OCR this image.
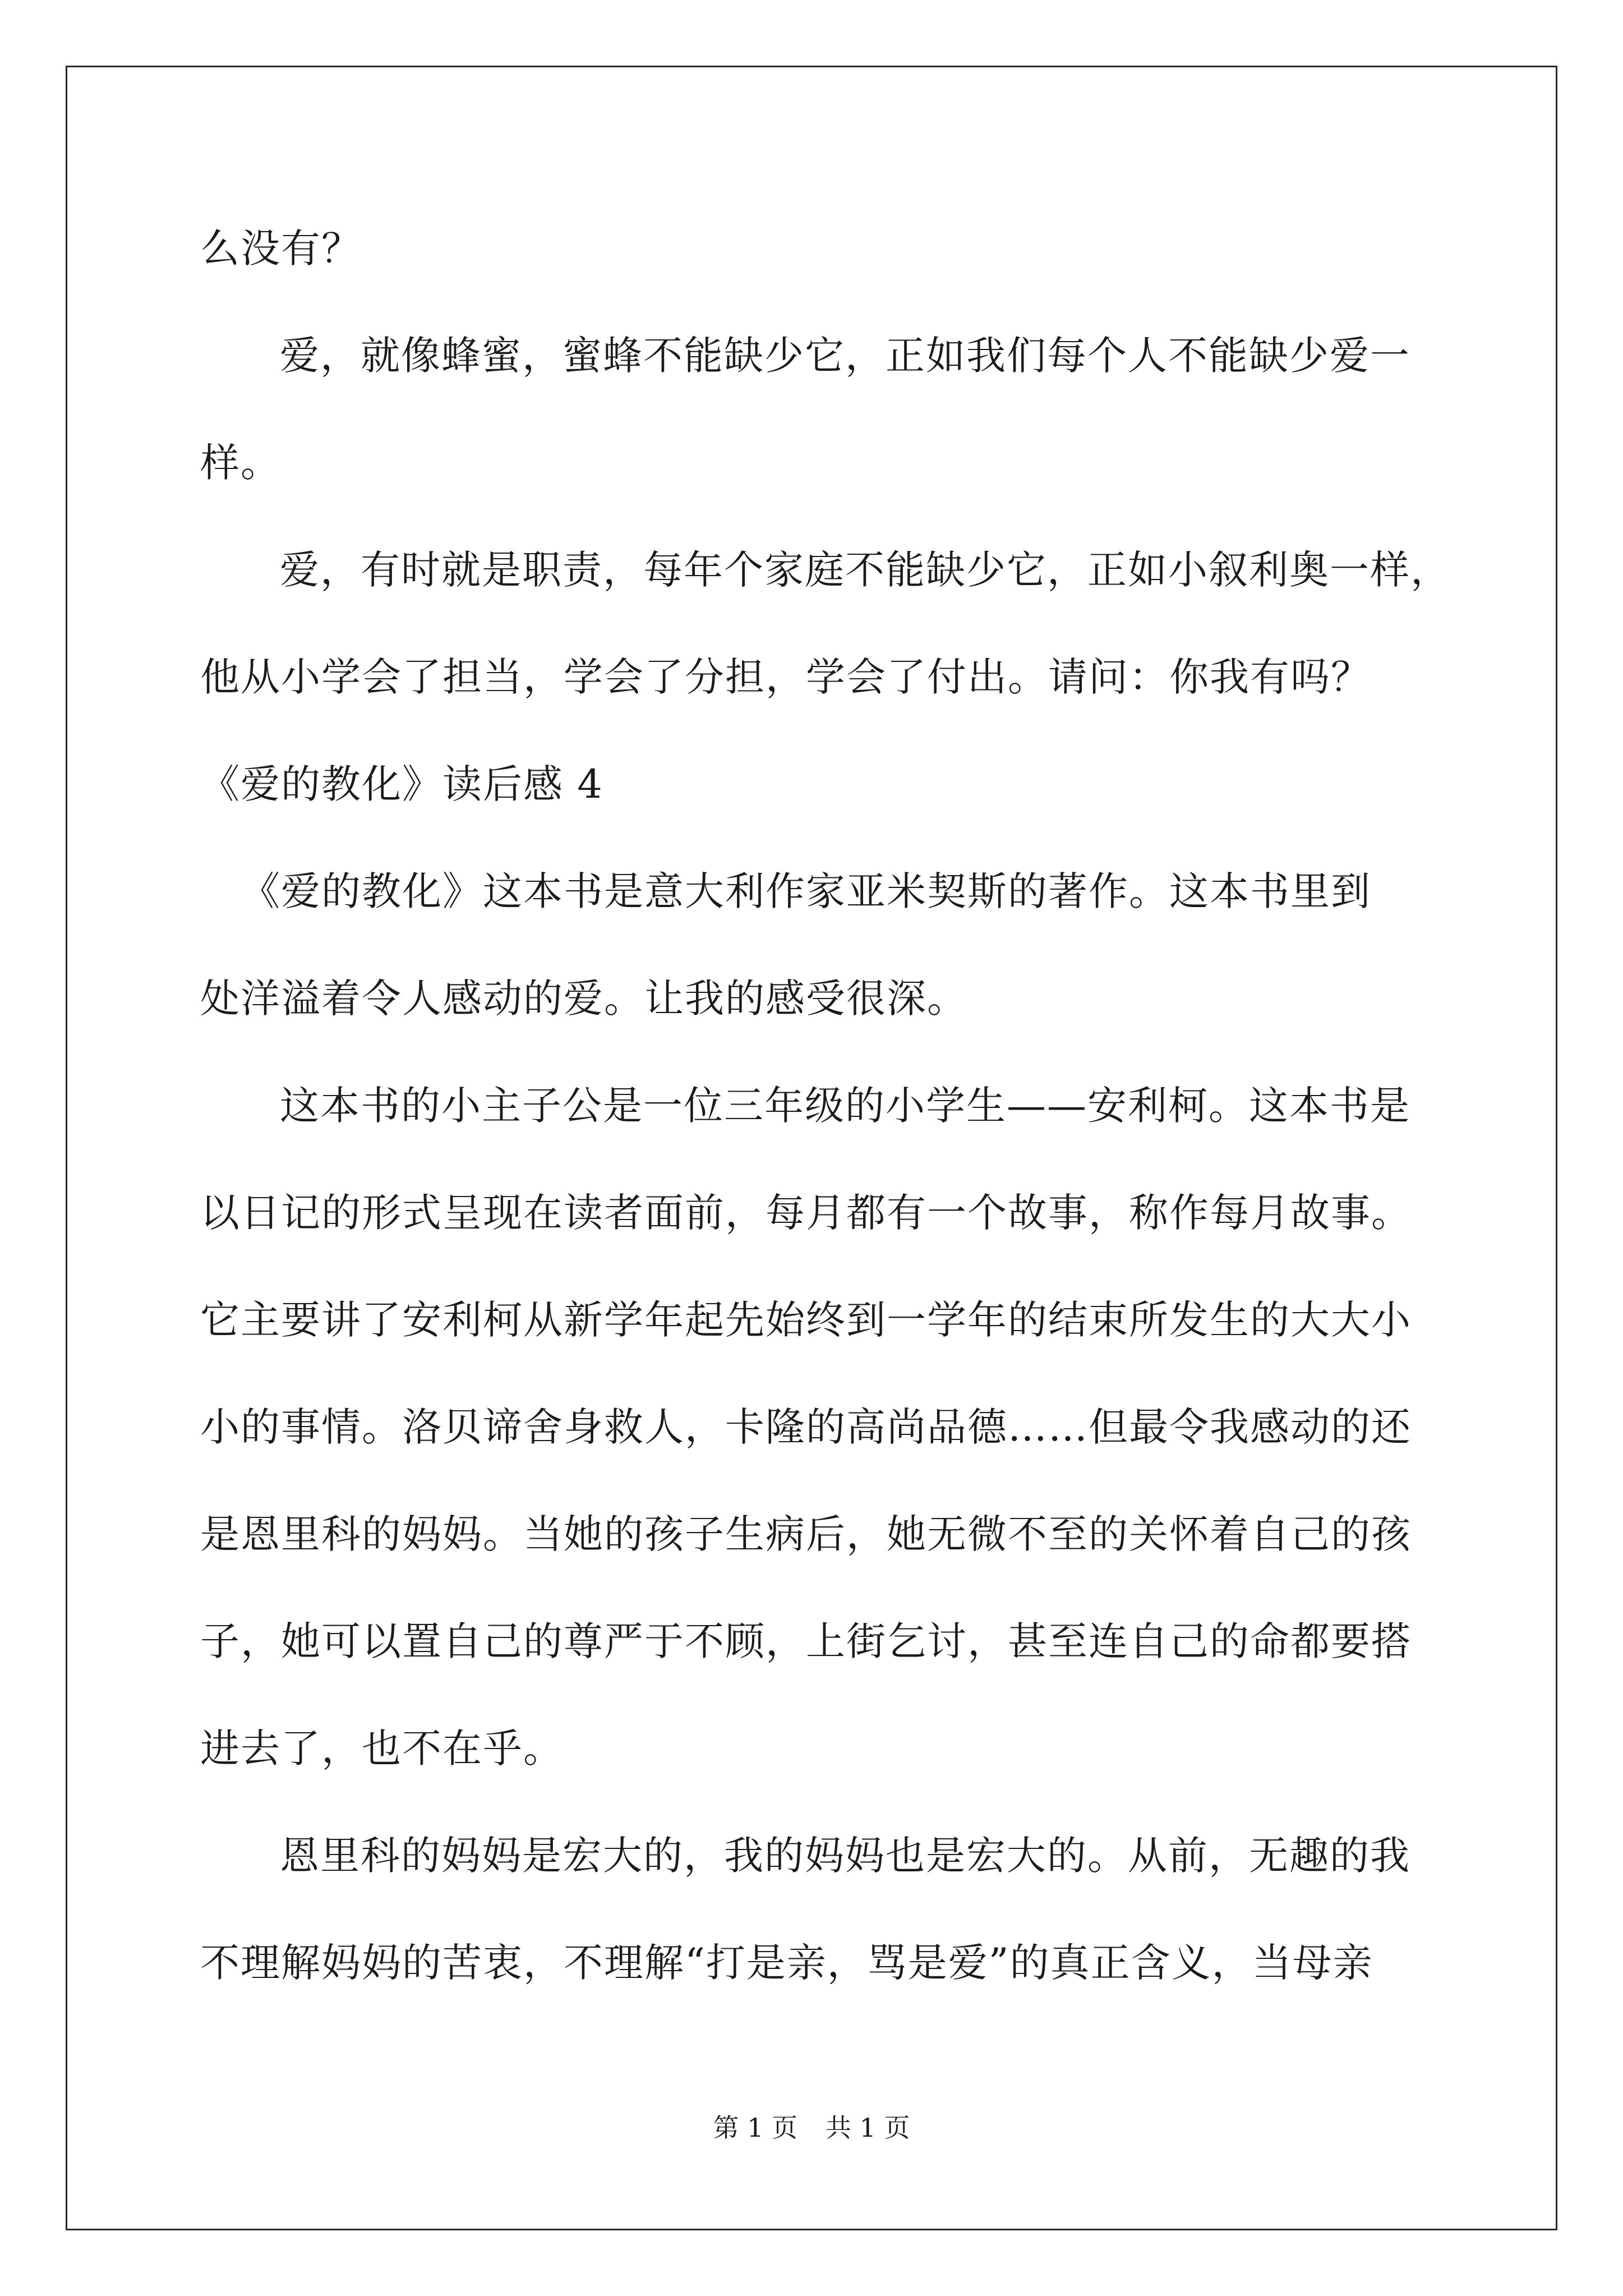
么没有？
爱，就像蜂蜜，蜜蜂不能缺少它，正如我们每个人不能缺少爱一
样。
爱，有时就是职责，每年个家庭不能缺少它，正如小叙利奥一样，
他从小学会了担当，学会了分担，学会了付出。请问：你我有吗？
《爱的教化》读后感 4
《爱的教化》这本书是意大利作家亚米契斯的著作。这本书里到
处洋溢着令人感动的爱。让我的感受很深。
这本书的小主子公是一位三年级的小学生——安利柯。这本书是
以日记的形式呈现在读者面前，每月都有一个故事，称作每月故事。
它主要讲了安利柯从新学年起先始终到一学年的结束所发生的大大小
小的事情。洛贝谛舍身救人，卡隆的高尚品德……但最令我感动的还
是恩里科的妈妈。当她的孩子生病后，她无微不至的关怀着自己的孩
子，她可以置自己的尊严于不顾，上街乞讨，甚至连自己的命都要搭
进去了，也不在乎。
恩里科的妈妈是宏大的，我的妈妈也是宏大的。从前，无趣的我
不理解妈妈的苦衷，不理解“打是亲，骂是爱”的真正含义，当母亲
第 1 页 共 1 页
